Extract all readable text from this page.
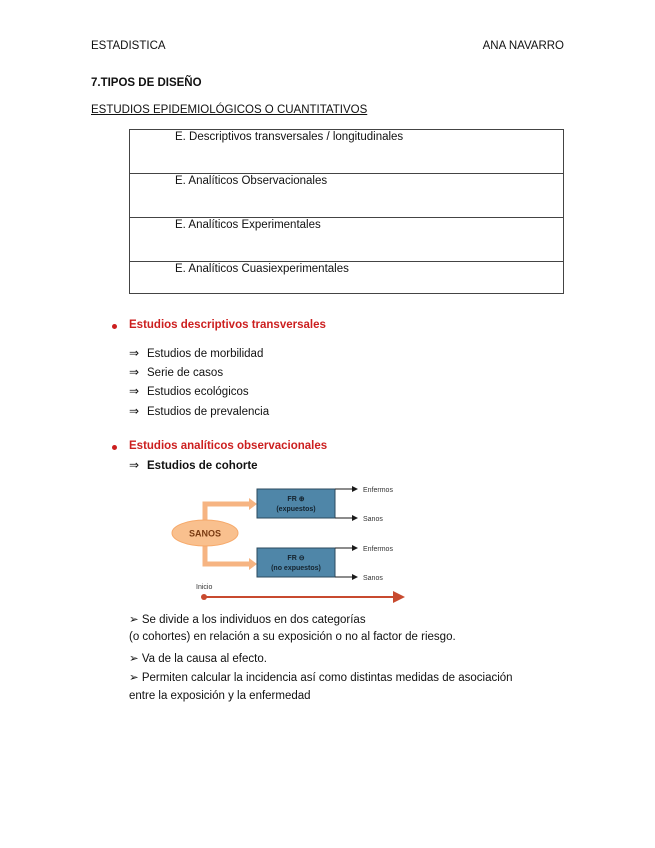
ESTADISTICA	ANA NAVARRO
7.TIPOS DE DISEÑO
ESTUDIOS EPIDEMIOLÓGICOS O CUANTITATIVOS
E. Descriptivos transversales / longitudinales
E. Analíticos Observacionales
E. Analíticos Experimentales
E. Analíticos Cuasiexperimentales
Estudios descriptivos transversales
⇒ Estudios de morbilidad
⇒ Serie de casos
⇒ Estudios ecológicos
⇒ Estudios de prevalencia
Estudios analíticos observacionales
⇒ Estudios de cohorte
SANOS
FR ⊕
(expuestos)
FR ⊖
(no expuestos)
Enfermos
Sanos
Enfermos
Sanos
Inicio
➢ Se divide a los individuos en dos categorías
(o cohortes) en relación a su exposición o no al factor de riesgo.
➢ Va de la causa al efecto.
➢ Permiten calcular la incidencia así como distintas medidas de asociación
entre la exposición y la enfermedad
